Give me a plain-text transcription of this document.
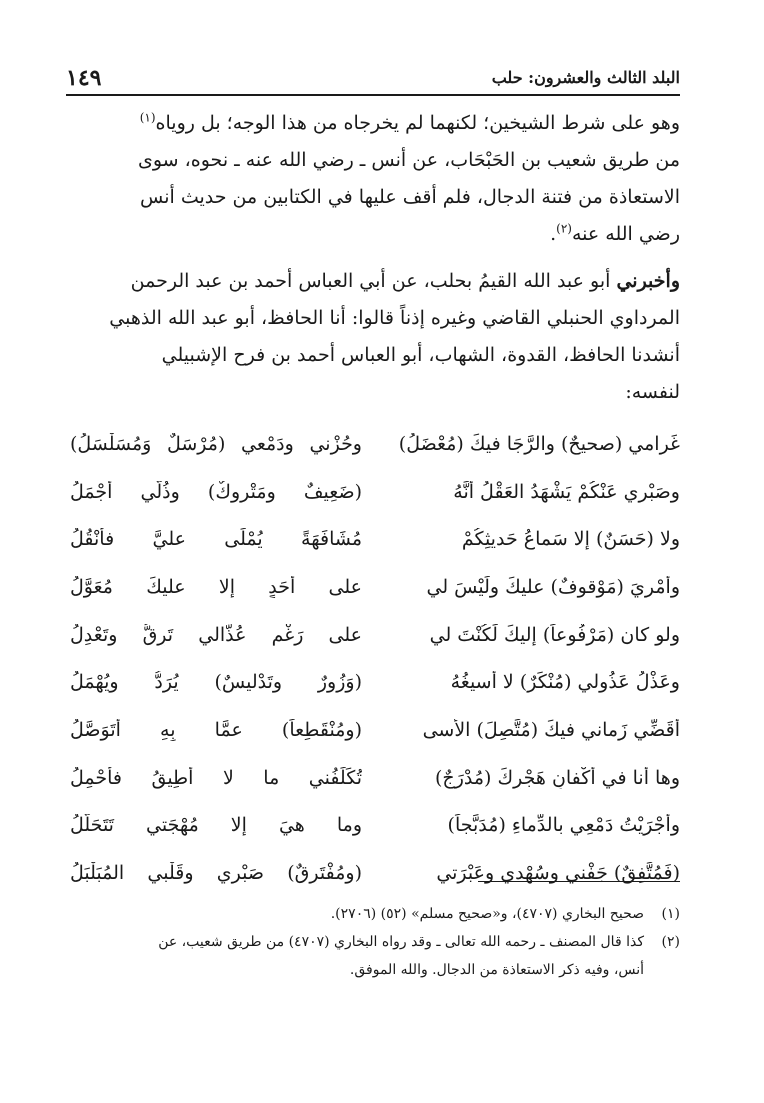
١٤٩	البلد الثالث والعشرون: حلب
وهو على شرط الشيخين؛ لكنهما لم يخرجاه من هذا الوجه؛ بل روياه$^{(١)}$
من طريق شعيب بن الحَبْحَاب، عن أنس ـ رضي الله عنه ـ نحوه، سوى
الاستعاذة من فتنة الدجال، فلم أقف عليها في الكتابين من حديث أنس
رضي الله عنه$^{(٢)}$.
وأخبرني أبو عبد الله القيمُ بحلب، عن أبي العباس أحمد بن عبد الرحمن
المرداوي الحنبلي القاضي وغيره إذناً قالوا: أنا الحافظ، أبو عبد الله الذهبي
أنشدنا الحافظ، القدوة، الشهاب، أبو العباس أحمد بن فرح الإشبيلي
لنفسه:
غَرامي (صحيحٌ) والرَّجَا فيكَ (مُعْضَلُ)
وحُزْني ودَمْعي (مُرْسَلٌ وَمُسَلْسَلُ)
وصَبْري عَنْكُمْ يَشْهَدُ العَقْلُ أنَّهُ
(ضَعِيفٌ ومَتْروكٌ) وذُلّي أجْمَلُ
ولا (حَسَنٌ) إلا سَماعُ حَديثِكُمْ
مُشَافَهَةً يُمْلَى عليَّ فأنْقُلُ
وأمْرِيَ (مَوْقوفٌ) عليكَ ولَيْسَ لي
على أحَدٍ إلا عليكَ مُعَوَّلُ
ولو كان (مَرْفُوعاً) إليكَ لَكُنْتَ لي
على رَغْمِ عُذَّالي تَرِقُّ وتَعْدِلُ
وعَذْلُ عَذُولي (مُنْكَرٌ) لا أُسيغُهُ
(وَزُورٌ وتَدْليسٌ) يُرَدُّ ويُهْمَلُ
أُقَضِّي زَماني فيكَ (مُتَّصِلَ) الأسى
(ومُنْقَطِعاً) عمَّا بِهِ أتَوَصَّلُ
وها أنا في أكْفانِ هَجْرِكَ (مُدْرَجٌ)
تُكَلِّفُني ما لا أُطِيقُ فأحْمِلُ
وأجْرَيْتُ دَمْعِي بالدِّماءِ (مُدَبَّجاً)
وما هيَ إلا مُهْجَتي تَتَحَلَّلُ
(فَمُتَّفِقٌ) جَفْني وسُهْدي وعَبْرَتي
(ومُفْتَرِقٌ) صَبْري وقَلْبي المُبَلْبَلُ
(١)
صحيح البخاري (٤٧٠٧)، و«صحيح مسلم» (٥٢) (٢٧٠٦).
(٢)
كذا قال المصنف ـ رحمه الله تعالى ـ وقد رواه البخاري (٤٧٠٧) من طريق شعيب، عن
أنس، وفيه ذكر الاستعاذة من الدجال. والله الموفق.
